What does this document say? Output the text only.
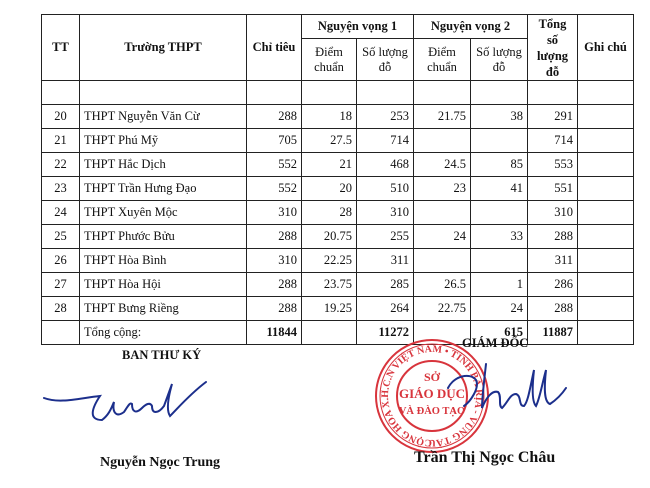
TT	Trường THPT	Chỉ tiêu	Nguyện vọng 1		Nguyện vọng 2		Tổng số lượng đỗ	Ghi chú
			Điểm chuẩn	Số lượng đỗ	Điểm chuẩn	Số lượng đỗ		

20	THPT Nguyễn Văn Cừ	288	18	253	21.75	38	291	
21	THPT Phú Mỹ	705	27.5	714			714	
22	THPT Hắc Dịch	552	21	468	24.5	85	553	
23	THPT Trần Hưng Đạo	552	20	510	23	41	551	
24	THPT Xuyên Mộc	310	28	310			310	
25	THPT Phước Bửu	288	20.75	255	24	33	288	
26	THPT Hòa Bình	310	22.25	311			311	
27	THPT Hòa Hội	288	23.75	285	26.5	1	286	
28	THPT Bưng Riềng	288	19.25	264	22.75	24	288	
	Tổng cộng:	11844		11272		615	11887	
BAN THƯ KÝ
GIÁM ĐỐC
CỘNG HÒA X.H.C.N VIỆT NAM • TỈNH BÀ RỊA - VŨNG TÀU
SỞ
GIÁO DỤC
VÀ ĐÀO TẠO
Nguyễn Ngọc Trung	Trần Thị Ngọc Châu
